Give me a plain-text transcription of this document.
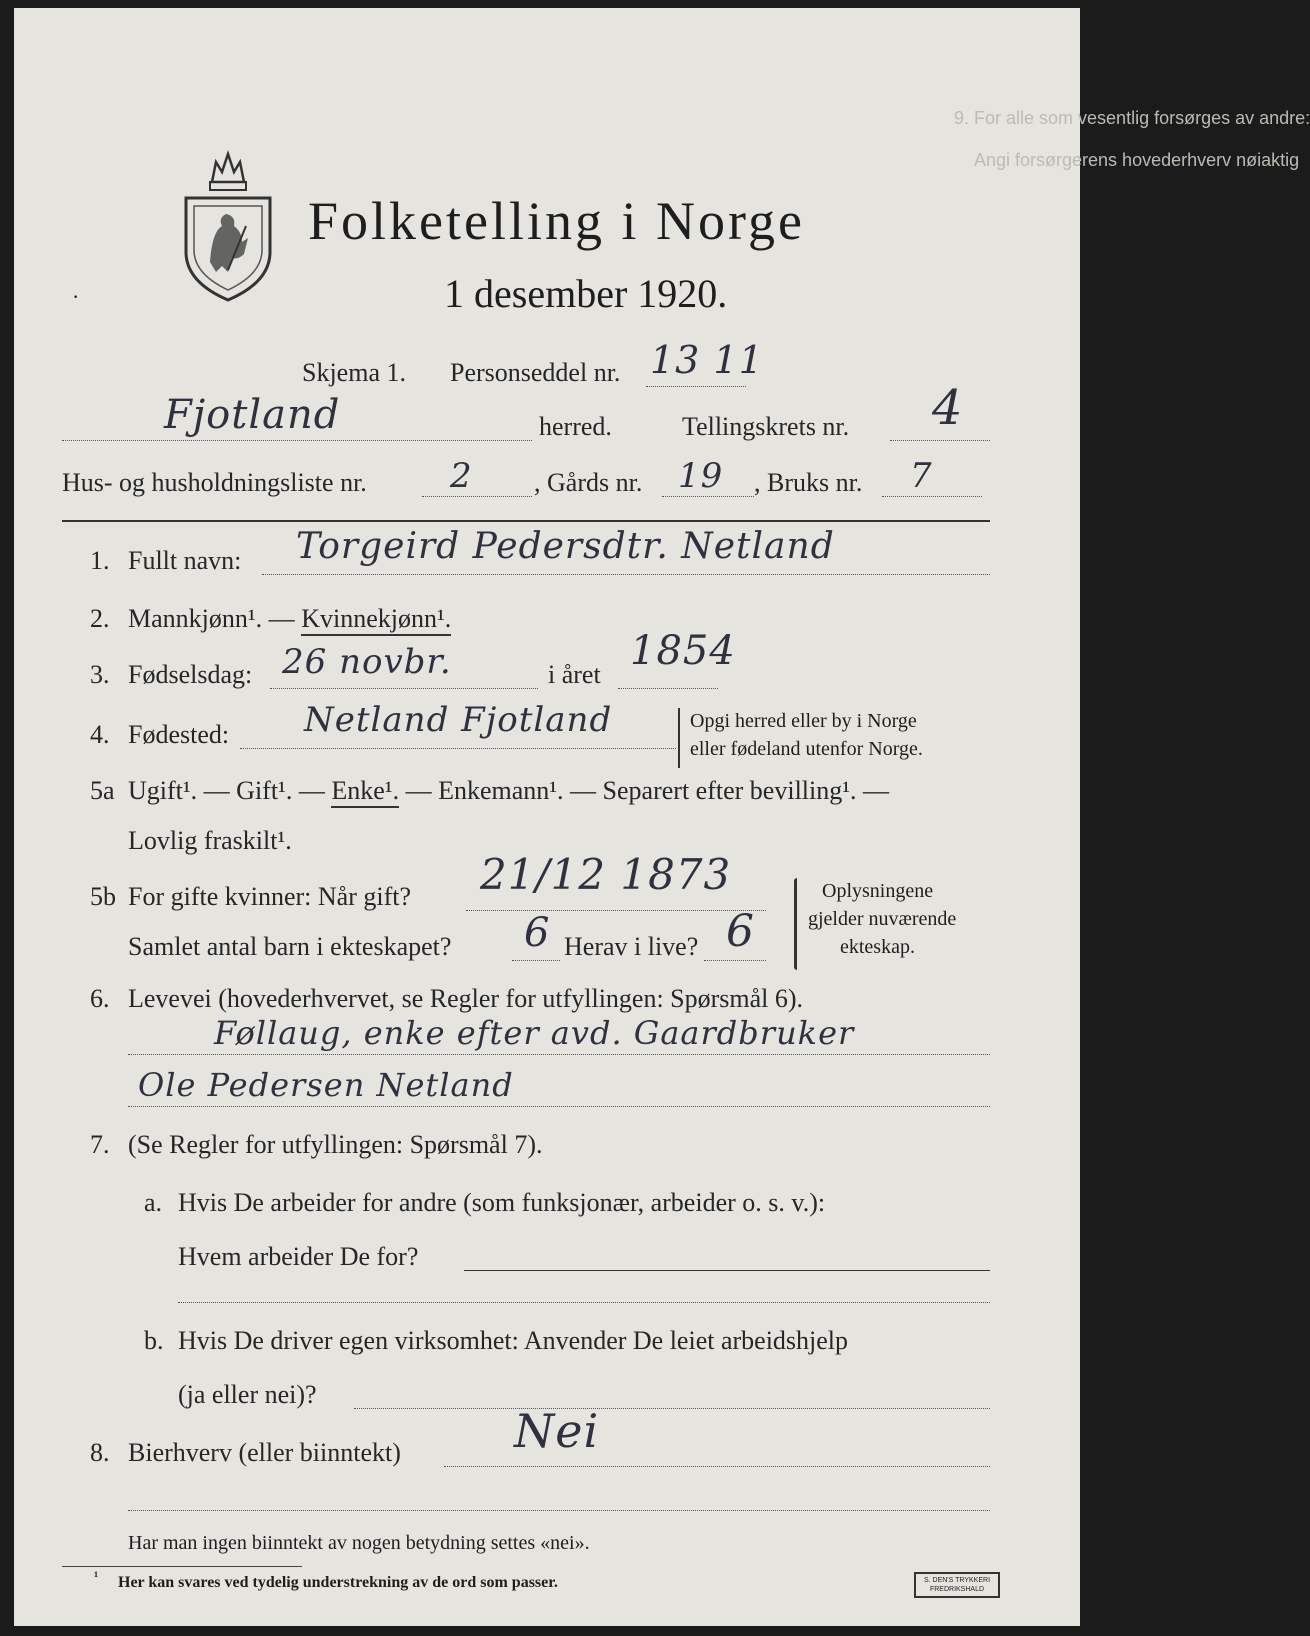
9. For alle som vesentlig forsørges av andre:
Angi forsørgerens hovederhverv nøiaktig
Folketelling i Norge
1 desember 1920.
·
Skjema 1. Personseddel nr. 13 11
Fjotland	herred.	Tellingskrets nr. 4
Hus- og husholdningsliste nr. 2 , Gårds nr. 19 , Bruks nr. 7
1. Fullt navn: Torgeird Pedersdtr. Netland
2. Mannkjønn¹. — Kvinnekjønn¹.
3. Fødselsdag: 26 novbr.	i året
1854
4. Fødested: Netland Fjotland	Opgi herred eller by i Norge
eller fødeland utenfor Norge.
5a Ugift¹. — Gift¹. — Enke¹. — Enkemann¹. — Separert efter bevilling¹. —
Lovlig fraskilt¹.
5b For gifte kvinner: Når gift? 21/12 1873
Samlet antal barn i ekteskapet? 6 Herav i live? 6
Oplysningene
gjelder nuværende
ekteskap.
6. Levevei (hovederhvervet, se Regler for utfyllingen: Spørsmål 6).
Føllaug, enke efter avd. Gaardbruker
Ole Pedersen Netland
7. (Se Regler for utfyllingen: Spørsmål 7).
a. Hvis De arbeider for andre (som funksjonær, arbeider o. s. v.):
Hvem arbeider De for?
b. Hvis De driver egen virksomhet: Anvender De leiet arbeidshjelp
(ja eller nei)?
8. Bierhverv (eller biinntekt) Nei
Har man ingen biinntekt av nogen betydning settes «nei».
¹ Her kan svares ved tydelig understrekning av de ord som passer.	S. DEN'S TRYKKERI
FREDRIKSHALD
